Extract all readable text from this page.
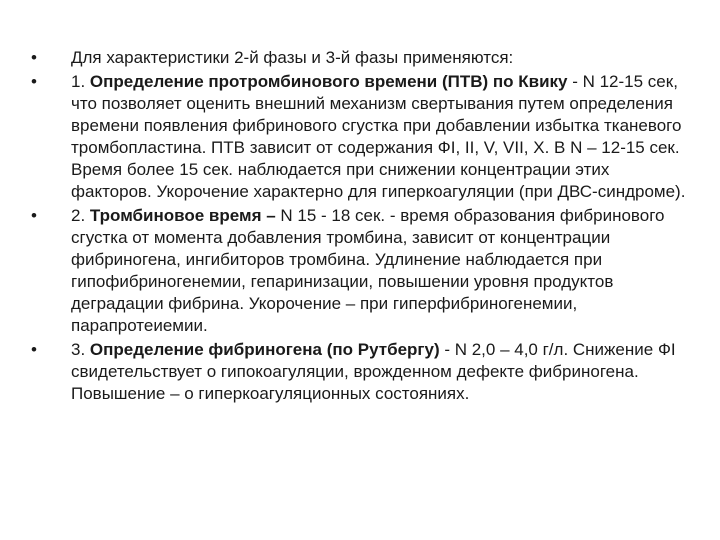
• Для характеристики 2-й фазы и 3-й фазы применяются:
• 1. Определение протромбинового времени (ПТВ) по Квику - N 12-15 сек, что позволяет оценить внешний механизм свертывания путем определения времени появления фибринового сгустка при добавлении избытка тканевого тромбопластина. ПТВ зависит от содержания ФI, II, V, VII, X. В N – 12-15 сек. Время более 15 сек. наблюдается при снижении концентрации этих факторов. Укорочение характерно для гиперкоагуляции (при ДВС-синдроме).
• 2. Тромбиновое время – N 15 - 18 сек. - время образования фибринового сгустка от момента добавления тромбина, зависит от концентрации фибриногена, ингибиторов тромбина. Удлинение наблюдается при гипофибриногенемии, гепаринизации, повышении уровня продуктов деградации фибрина. Укорочение – при гиперфибриногенемии, парапротеиемии.
• 3. Определение фибриногена (по Рутбергу) - N 2,0 – 4,0 г/л. Снижение ФI свидетельствует о гипокоагуляции, врожденном дефекте фибриногена. Повышение – о гиперкоагуляционных состояниях.
